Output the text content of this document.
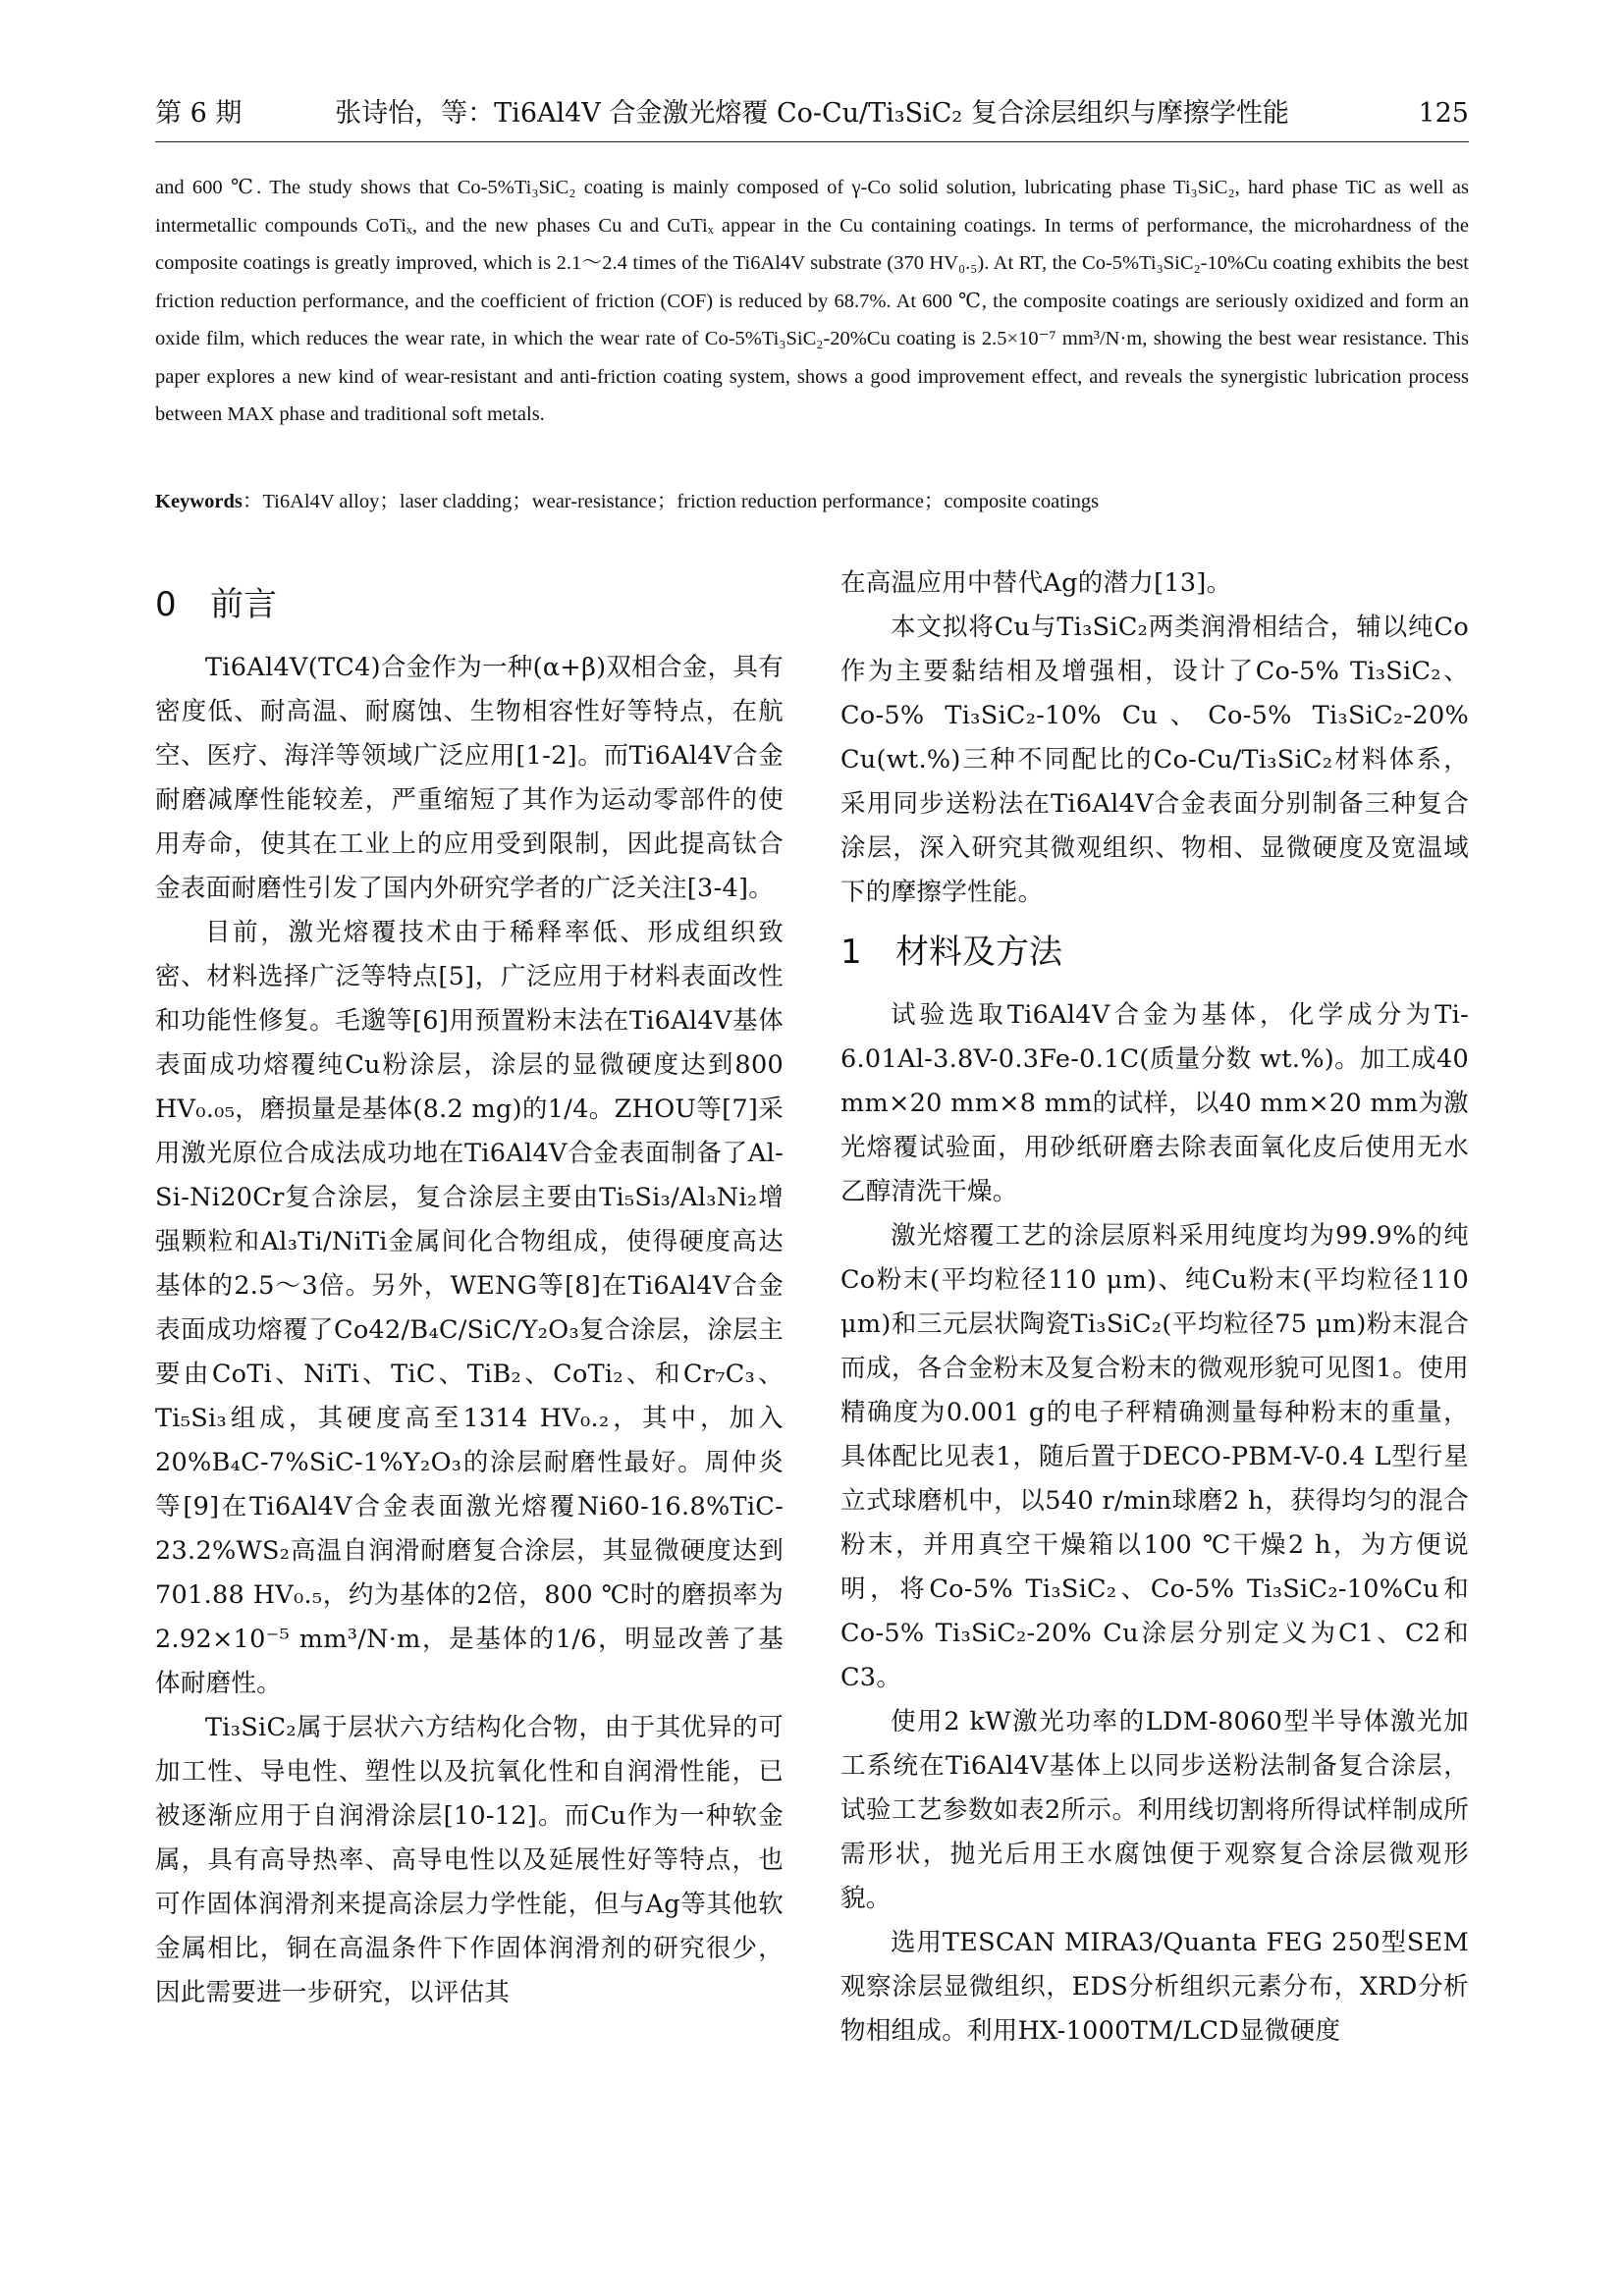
第 6 期	张诗怡，等：Ti6Al4V 合金激光熔覆 Co-Cu/Ti₃SiC₂ 复合涂层组织与摩擦学性能	125

and 600 ℃. The study shows that Co-5%Ti₃SiC₂ coating is mainly composed of γ-Co solid solution, lubricating phase Ti₃SiC₂, hard phase TiC as well as intermetallic compounds CoTiₓ, and the new phases Cu and CuTiₓ appear in the Cu containing coatings. In terms of performance, the microhardness of the composite coatings is greatly improved, which is 2.1～2.4 times of the Ti6Al4V substrate (370 HV₀.₅). At RT, the Co-5%Ti₃SiC₂-10%Cu coating exhibits the best friction reduction performance, and the coefficient of friction (COF) is reduced by 68.7%. At 600 ℃, the composite coatings are seriously oxidized and form an oxide film, which reduces the wear rate, in which the wear rate of Co-5%Ti₃SiC₂-20%Cu coating is 2.5×10⁻⁷ mm³/N·m, showing the best wear resistance. This paper explores a new kind of wear-resistant and anti-friction coating system, shows a good improvement effect, and reveals the synergistic lubrication process between MAX phase and traditional soft metals.

Keywords：Ti6Al4V alloy；laser cladding；wear-resistance；friction reduction performance；composite coatings
0 前言

Ti6Al4V(TC4)合金作为一种(α+β)双相合金，具有密度低、耐高温、耐腐蚀、生物相容性好等特点，在航空、医疗、海洋等领域广泛应用[1-2]。而Ti6Al4V合金耐磨减摩性能较差，严重缩短了其作为运动零部件的使用寿命，使其在工业上的应用受到限制，因此提高钛合金表面耐磨性引发了国内外研究学者的广泛关注[3-4]。

目前，激光熔覆技术由于稀释率低、形成组织致密、材料选择广泛等特点[5]，广泛应用于材料表面改性和功能性修复。毛邈等[6]用预置粉末法在Ti6Al4V基体表面成功熔覆纯Cu粉涂层，涂层的显微硬度达到800 HV₀.₀₅，磨损量是基体(8.2 mg)的1/4。ZHOU等[7]采用激光原位合成法成功地在Ti6Al4V合金表面制备了Al-Si-Ni20Cr复合涂层，复合涂层主要由Ti₅Si₃/Al₃Ni₂增强颗粒和Al₃Ti/NiTi金属间化合物组成，使得硬度高达基体的2.5～3倍。另外，WENG等[8]在Ti6Al4V合金表面成功熔覆了Co42/B₄C/SiC/Y₂O₃复合涂层，涂层主要由CoTi、NiTi、TiC、TiB₂、CoTi₂、和Cr₇C₃、Ti₅Si₃组成，其硬度高至1314 HV₀.₂，其中，加入20%B₄C-7%SiC-1%Y₂O₃的涂层耐磨性最好。周仲炎等[9]在Ti6Al4V合金表面激光熔覆Ni60-16.8%TiC-23.2%WS₂高温自润滑耐磨复合涂层，其显微硬度达到701.88 HV₀.₅，约为基体的2倍，800 ℃时的磨损率为2.92×10⁻⁵ mm³/N·m，是基体的1/6，明显改善了基体耐磨性。

Ti₃SiC₂属于层状六方结构化合物，由于其优异的可加工性、导电性、塑性以及抗氧化性和自润滑性能，已被逐渐应用于自润滑涂层[10-12]。而Cu作为一种软金属，具有高导热率、高导电性以及延展性好等特点，也可作固体润滑剂来提高涂层力学性能，但与Ag等其他软金属相比，铜在高温条件下作固体润滑剂的研究很少，因此需要进一步研究，以评估其

在高温应用中替代Ag的潜力[13]。

本文拟将Cu与Ti₃SiC₂两类润滑相结合，辅以纯Co作为主要黏结相及增强相，设计了Co-5% Ti₃SiC₂、Co-5% Ti₃SiC₂-10% Cu、Co-5% Ti₃SiC₂-20% Cu(wt.%)三种不同配比的Co-Cu/Ti₃SiC₂材料体系，采用同步送粉法在Ti6Al4V合金表面分别制备三种复合涂层，深入研究其微观组织、物相、显微硬度及宽温域下的摩擦学性能。

1 材料及方法

试验选取Ti6Al4V合金为基体，化学成分为Ti-6.01Al-3.8V-0.3Fe-0.1C(质量分数 wt.%)。加工成40 mm×20 mm×8 mm的试样，以40 mm×20 mm为激光熔覆试验面，用砂纸研磨去除表面氧化皮后使用无水乙醇清洗干燥。

激光熔覆工艺的涂层原料采用纯度均为99.9%的纯Co粉末(平均粒径110 μm)、纯Cu粉末(平均粒径110 μm)和三元层状陶瓷Ti₃SiC₂(平均粒径75 μm)粉末混合而成，各合金粉末及复合粉末的微观形貌可见图1。使用精确度为0.001 g的电子秤精确测量每种粉末的重量，具体配比见表1，随后置于DECO-PBM-V-0.4 L型行星立式球磨机中，以540 r/min球磨2 h，获得均匀的混合粉末，并用真空干燥箱以100 ℃干燥2 h，为方便说明，将Co-5% Ti₃SiC₂、Co-5% Ti₃SiC₂-10%Cu和Co-5% Ti₃SiC₂-20% Cu涂层分别定义为C1、C2和C3。

使用2 kW激光功率的LDM-8060型半导体激光加工系统在Ti6Al4V基体上以同步送粉法制备复合涂层，试验工艺参数如表2所示。利用线切割将所得试样制成所需形状，抛光后用王水腐蚀便于观察复合涂层微观形貌。

选用TESCAN MIRA3/Quanta FEG 250型SEM观察涂层显微组织，EDS分析组织元素分布，XRD分析物相组成。利用HX-1000TM/LCD显微硬度
